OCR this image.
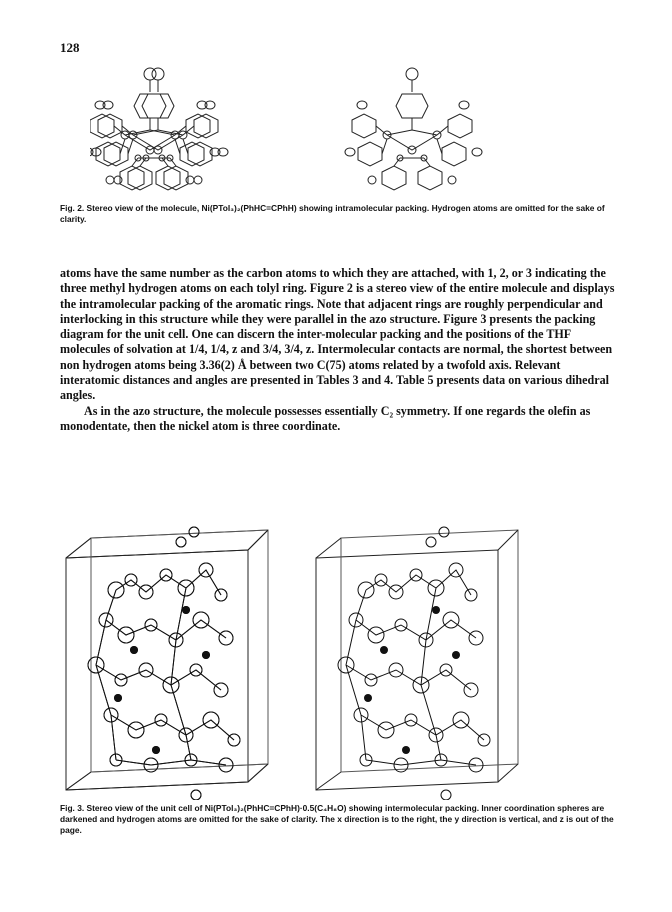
128
Fig. 2. Stereo view of the molecule, Ni(PTol₃)₂(PhHC=CPhH) showing intramolecular packing. Hydrogen atoms are omitted for the sake of clarity.

atoms have the same number as the carbon atoms to which they are attached, with 1, 2, or 3 indicating the three methyl hydrogen atoms on each tolyl ring. Figure 2 is a stereo view of the entire molecule and displays the intramolecular packing of the aromatic rings. Note that adjacent rings are roughly perpendicular and interlocking in this structure while they were parallel in the azo structure. Figure 3 presents the packing diagram for the unit cell. One can discern the inter-molecular packing and the positions of the THF molecules of solvation at 1/4, 1/4, z and 3/4, 3/4, z. Intermolecular contacts are normal, the shortest between non hydrogen atoms being 3.36(2) Å between two C(75) atoms related by a twofold axis. Relevant interatomic distances and angles are presented in Tables 3 and 4. Table 5 presents data on various dihedral angles.

As in the azo structure, the molecule possesses essentially C₂ symmetry. If one regards the olefin as monodentate, then the nickel atom is three coordinate.

Fig. 3. Stereo view of the unit cell of Ni(PTol₃)₂(PhHC=CPhH)·0.5(C₄H₈O) showing intermolecular packing. Inner coordination spheres are darkened and hydrogen atoms are omitted for the sake of clarity. The x direction is to the right, the y direction is vertical, and z is out of the page.
